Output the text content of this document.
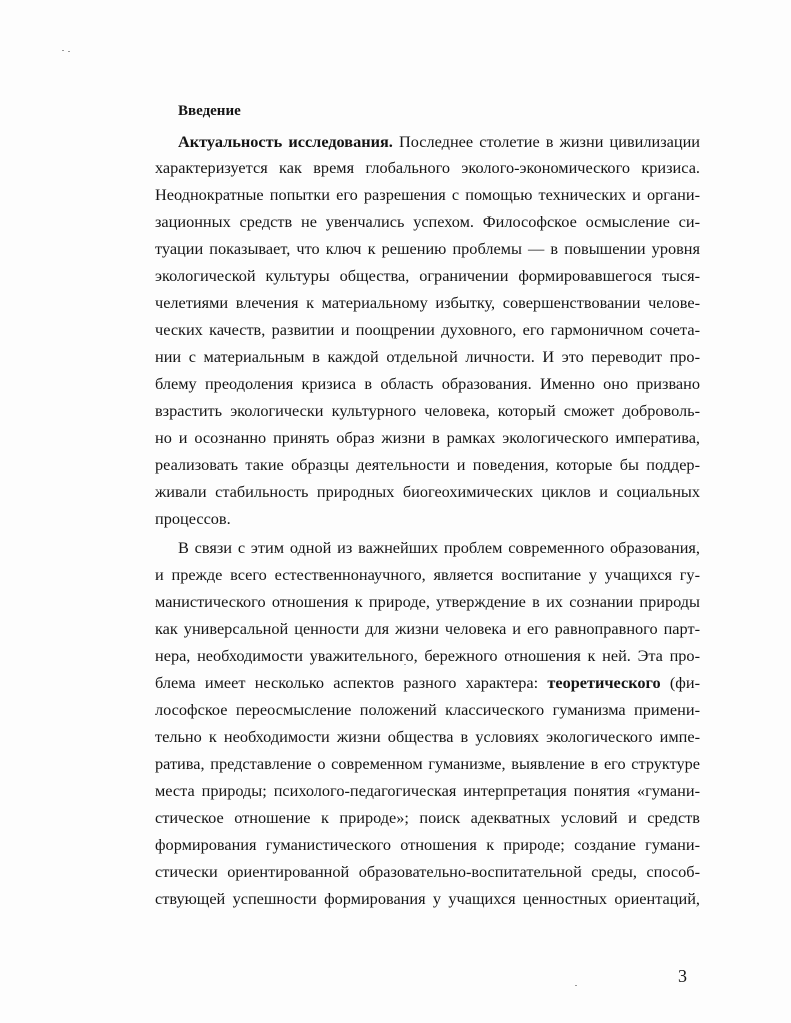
Введение
Актуальность исследования. Последнее столетие в жизни цивилизации
характеризуется как время глобального эколого-экономического кризиса.
Неоднократные попытки его разрешения с помощью технических и органи-
зационных средств не увенчались успехом. Философское осмысление си-
туации показывает, что ключ к решению проблемы — в повышении уровня
экологической культуры общества, ограничении формировавшегося тыся-
челетиями влечения к материальному избытку, совершенствовании челове-
ческих качеств, развитии и поощрении духовного, его гармоничном сочета-
нии с материальным в каждой отдельной личности. И это переводит про-
блему преодоления кризиса в область образования. Именно оно призвано
взрастить экологически культурного человека, который сможет доброволь-
но и осознанно принять образ жизни в рамках экологического императива,
реализовать такие образцы деятельности и поведения, которые бы поддер-
живали стабильность природных биогеохимических циклов и социальных
процессов.
В связи с этим одной из важнейших проблем современного образования,
и прежде всего естественнонаучного, является воспитание у учащихся гу-
манистического отношения к природе, утверждение в их сознании природы
как универсальной ценности для жизни человека и его равноправного парт-
нера, необходимости уважительного, бережного отношения к ней. Эта про-
блема имеет несколько аспектов разного характера: теоретического (фи-
лософское переосмысление положений классического гуманизма примени-
тельно к необходимости жизни общества в условиях экологического импе-
ратива, представление о современном гуманизме, выявление в его структуре
места природы; психолого-педагогическая интерпретация понятия «гумани-
стическое отношение к природе»; поиск адекватных условий и средств
формирования гуманистического отношения к природе; создание гумани-
стически ориентированной образовательно-воспитательной среды, способ-
ствующей успешности формирования у учащихся ценностных ориентаций,
3
